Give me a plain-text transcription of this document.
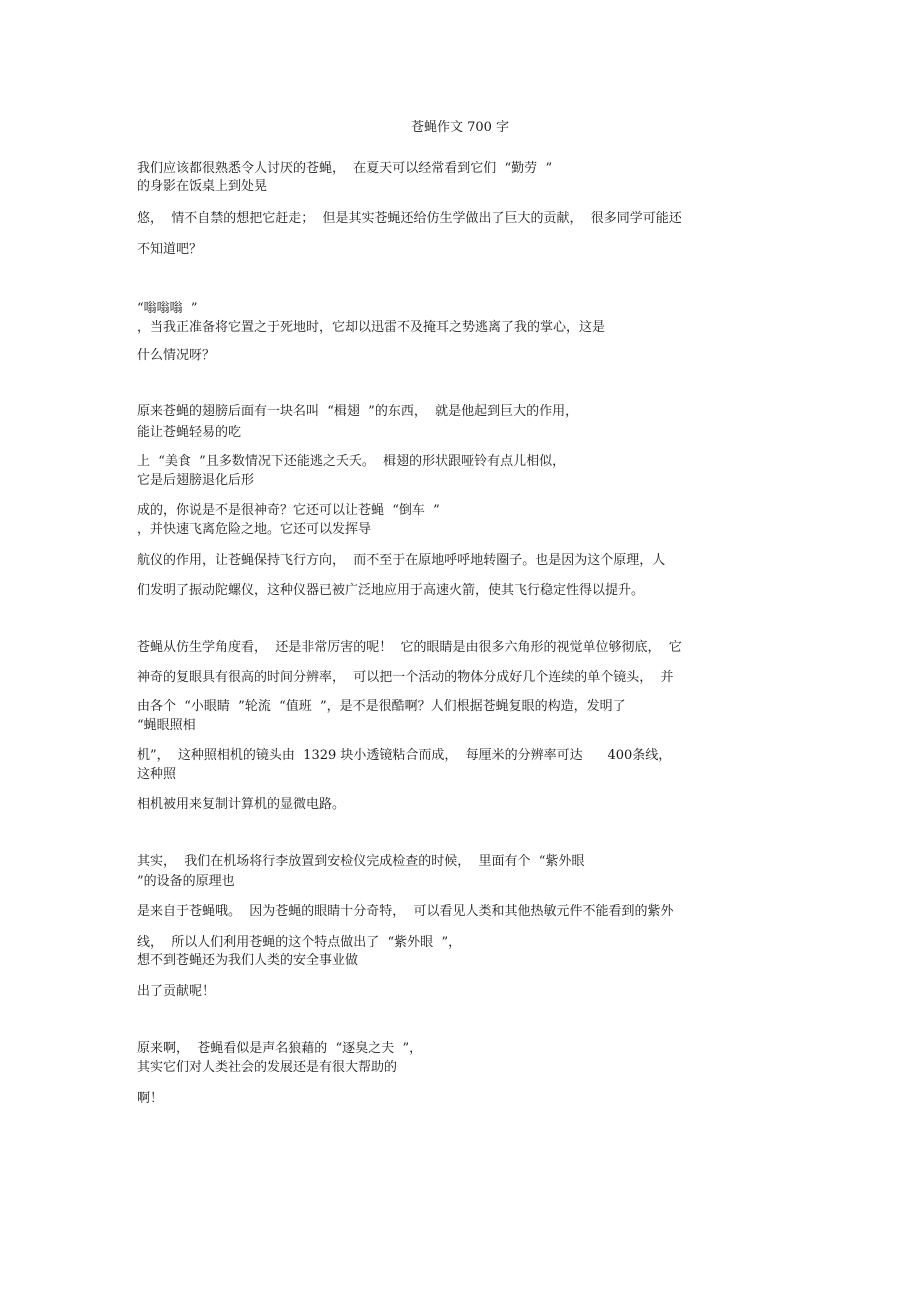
苍蝇作文 700 字
我们应该都很熟悉令人讨厌的苍蝇，  在夏天可以经常看到它们  “勤劳  ”
的身影在饭桌上到处晃
悠，  情不自禁的想把它赶走；  但是其实苍蝇还给仿生学做出了巨大的贡献，  很多同学可能还
不知道吧？
“嗡嗡嗡  ”
，当我正准备将它置之于死地时，它却以迅雷不及掩耳之势逃离了我的掌心，这是
什么情况呀？
原来苍蝇的翅膀后面有一块名叫  “楫翅  ”的东西，  就是他起到巨大的作用，
能让苍蝇轻易的吃
上  “美食  ”且多数情况下还能逃之夭夭。  楫翅的形状跟哑铃有点儿相似，
它是后翅膀退化后形
成的，你说是不是很神奇？它还可以让苍蝇  “倒车  ”
，并快速飞离危险之地。它还可以发挥导
航仪的作用，让苍蝇保持飞行方向，  而不至于在原地呼呼地转圈子。也是因为这个原理，人
们发明了振动陀螺仪，这种仪器已被广泛地应用于高速火箭，使其飞行稳定性得以提升。
苍蝇从仿生学角度看，  还是非常厉害的呢！  它的眼睛是由很多六角形的视觉单位够彻底，  它
神奇的复眼具有很高的时间分辨率，  可以把一个活动的物体分成好几个连续的单个镜头，  并
由各个  “小眼睛  ”轮流  “值班  ”，是不是很酷啊？人们根据苍蝇复眼的构造，发明了
“蝇眼照相
机”，  这种照相机的镜头由  1329 块小透镜粘合而成，  每厘米的分辨率可达      400条线，
这种照
相机被用来复制计算机的显微电路。
其实，  我们在机场将行李放置到安检仪完成检查的时候，  里面有个  “紫外眼
”的设备的原理也
是来自于苍蝇哦。  因为苍蝇的眼睛十分奇特，  可以看见人类和其他热敏元件不能看到的紫外
线，  所以人们利用苍蝇的这个特点做出了  “紫外眼  ”，
想不到苍蝇还为我们人类的安全事业做
出了贡献呢！
原来啊，  苍蝇看似是声名狼藉的  “逐臭之夫  ”，
其实它们对人类社会的发展还是有很大帮助的
啊！
